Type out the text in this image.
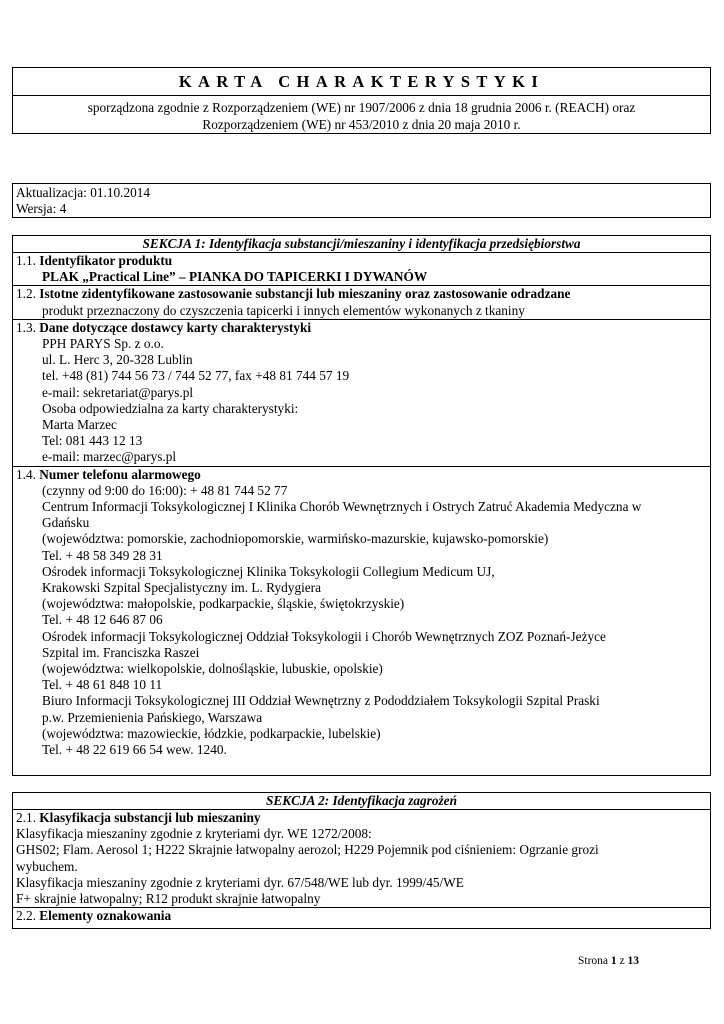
KARTA CHARAKTERYSTYKI
sporządzona zgodnie z Rozporządzeniem (WE) nr 1907/2006 z dnia 18 grudnia 2006 r. (REACH) oraz
Rozporządzeniem (WE) nr 453/2010 z dnia 20 maja 2010 r.
Aktualizacja: 01.10.2014
Wersja: 4
SEKCJA 1: Identyfikacja substancji/mieszaniny i identyfikacja przedsiębiorstwa
1.1. Identyfikator produktu
PLAK „Practical Line” – PIANKA DO TAPICERKI I DYWANÓW
1.2. Istotne zidentyfikowane zastosowanie substancji lub mieszaniny oraz zastosowanie odradzane
produkt przeznaczony do czyszczenia tapicerki i innych elementów wykonanych z tkaniny
1.3. Dane dotyczące dostawcy karty charakterystyki
PPH PARYS Sp. z o.o.
ul. L. Herc 3, 20-328 Lublin
tel. +48 (81) 744 56 73 / 744 52 77, fax +48 81 744 57 19
e-mail: sekretariat@parys.pl
Osoba odpowiedzialna za karty charakterystyki:
Marta Marzec
Tel: 081 443 12 13
e-mail: marzec@parys.pl
1.4. Numer telefonu alarmowego
(czynny od 9:00 do 16:00): + 48 81 744 52 77
Centrum Informacji Toksykologicznej I Klinika Chorób Wewnętrznych i Ostrych Zatruć Akademia Medyczna w
Gdańsku
(województwa: pomorskie, zachodniopomorskie, warmińsko-mazurskie, kujawsko-pomorskie)
Tel. + 48 58 349 28 31
Ośrodek informacji Toksykologicznej Klinika Toksykologii Collegium Medicum UJ,
Krakowski Szpital Specjalistyczny im. L. Rydygiera
(województwa: małopolskie, podkarpackie, śląskie, świętokrzyskie)
Tel. + 48 12 646 87 06
Ośrodek informacji Toksykologicznej Oddział Toksykologii i Chorób Wewnętrznych ZOZ Poznań-Jeżyce
Szpital im. Franciszka Raszei
(województwa: wielkopolskie, dolnośląskie, lubuskie, opolskie)
Tel. + 48 61 848 10 11
Biuro Informacji Toksykologicznej III Oddział Wewnętrzny z Pododdziałem Toksykologii Szpital Praski
p.w. Przemienienia Pańskiego, Warszawa
(województwa: mazowieckie, łódzkie, podkarpackie, lubelskie)
Tel. + 48 22 619 66 54 wew. 1240.
SEKCJA 2: Identyfikacja zagrożeń
2.1. Klasyfikacja substancji lub mieszaniny
Klasyfikacja mieszaniny zgodnie z kryteriami dyr. WE 1272/2008:
GHS02; Flam. Aerosol 1; H222 Skrajnie łatwopalny aerozol; H229 Pojemnik pod ciśnieniem: Ogrzanie grozi
wybuchem.
Klasyfikacja mieszaniny zgodnie z kryteriami dyr. 67/548/WE lub dyr. 1999/45/WE
F+ skrajnie łatwopalny; R12 produkt skrajnie łatwopalny
2.2. Elementy oznakowania
Strona 1 z 13
